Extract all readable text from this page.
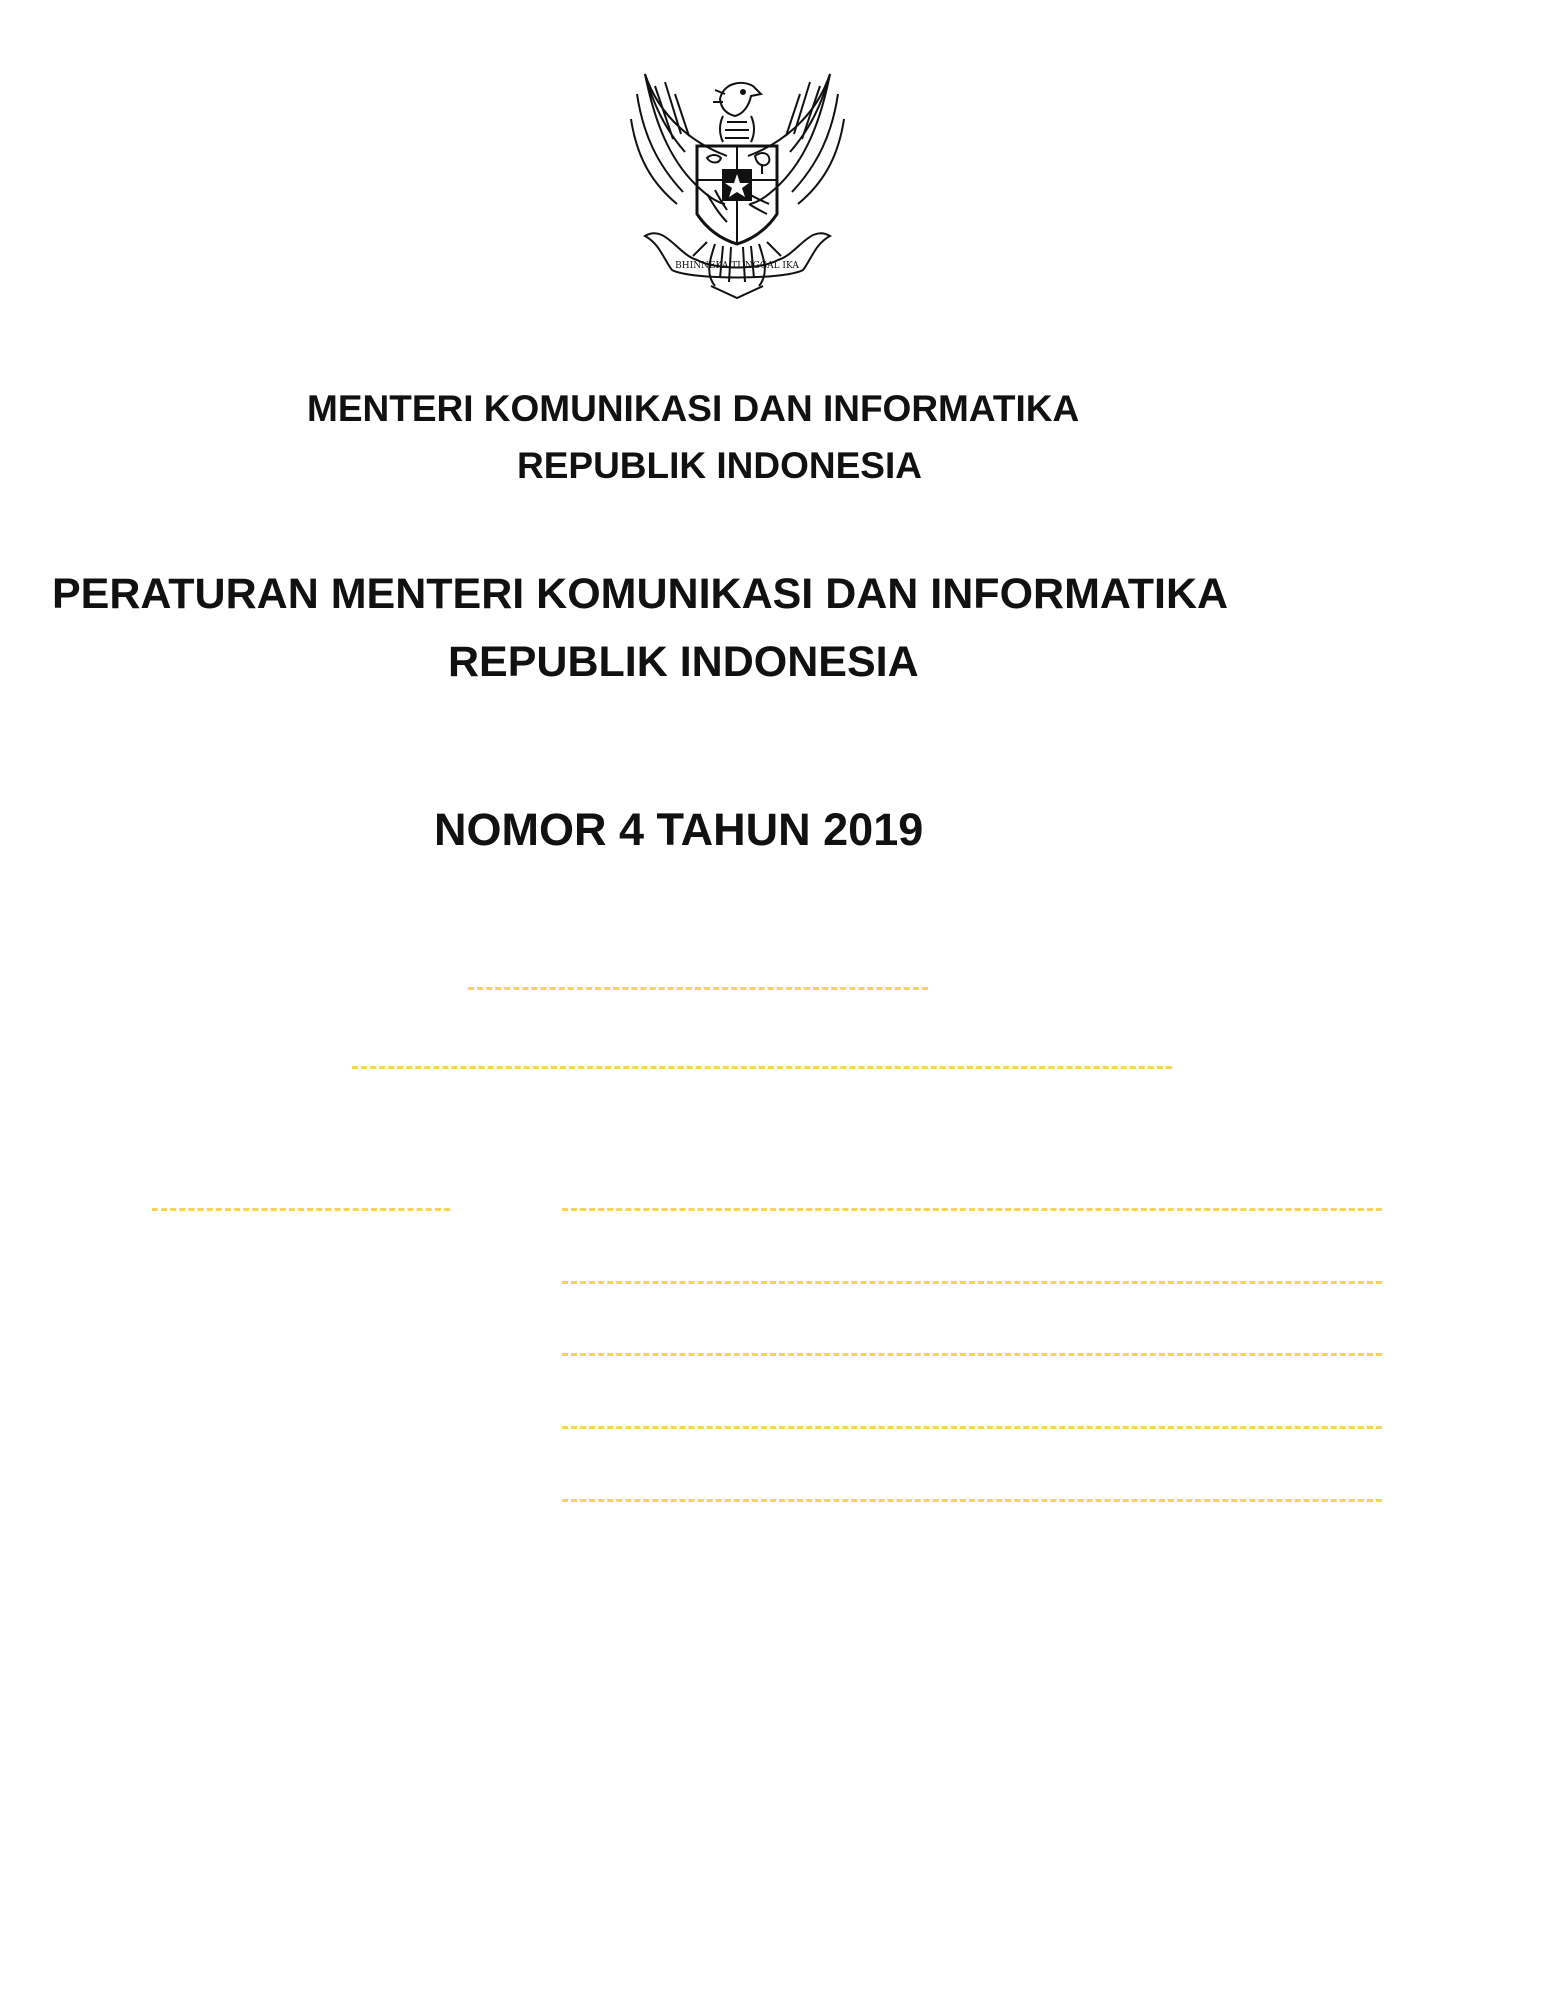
BHINNEKA TUNGGAL IKA
MENTERI KOMUNIKASI DAN INFORMATIKA
REPUBLIK INDONESIA
PERATURAN MENTERI KOMUNIKASI DAN INFORMATIKA
REPUBLIK INDONESIA
NOMOR 4 TAHUN 2019
